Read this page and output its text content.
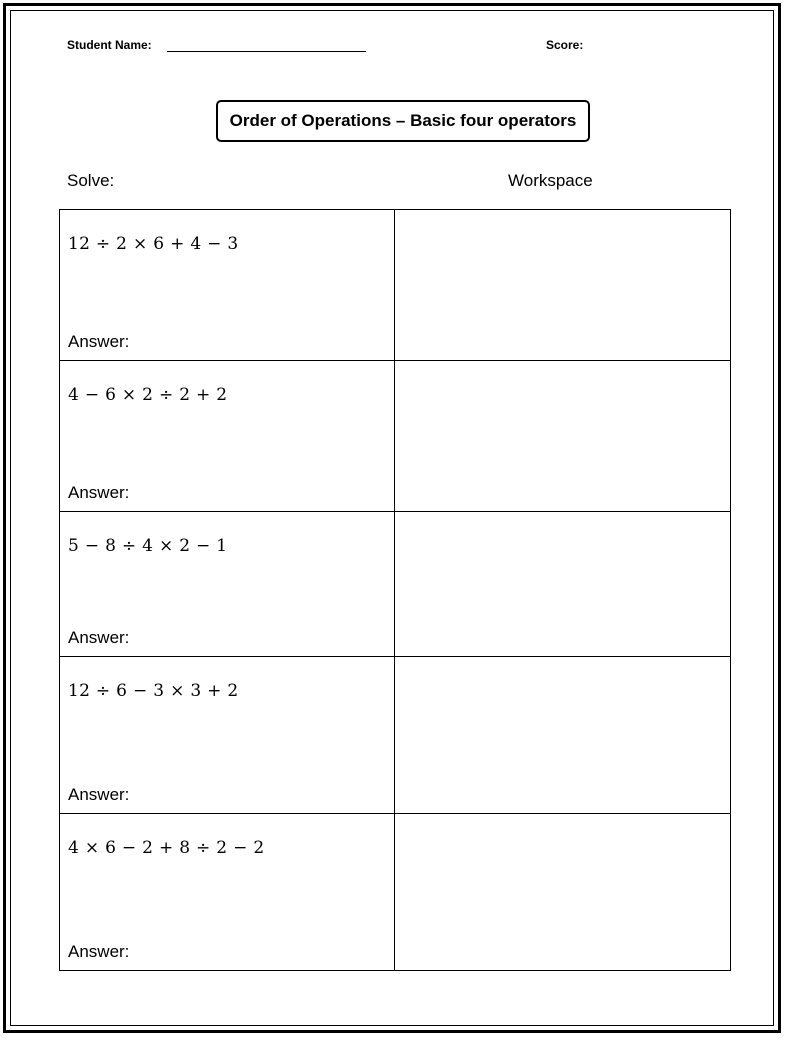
Student Name:	Score:
Order of Operations – Basic four operators
Solve:	Workspace
12 ÷ 2 × 6 + 4 − 3
Answer:
4 − 6 × 2 ÷ 2 + 2
Answer:
5 − 8 ÷ 4 × 2 − 1
Answer:
12 ÷ 6 − 3 × 3 + 2
Answer:
4 × 6 − 2 + 8 ÷ 2 − 2
Answer:
